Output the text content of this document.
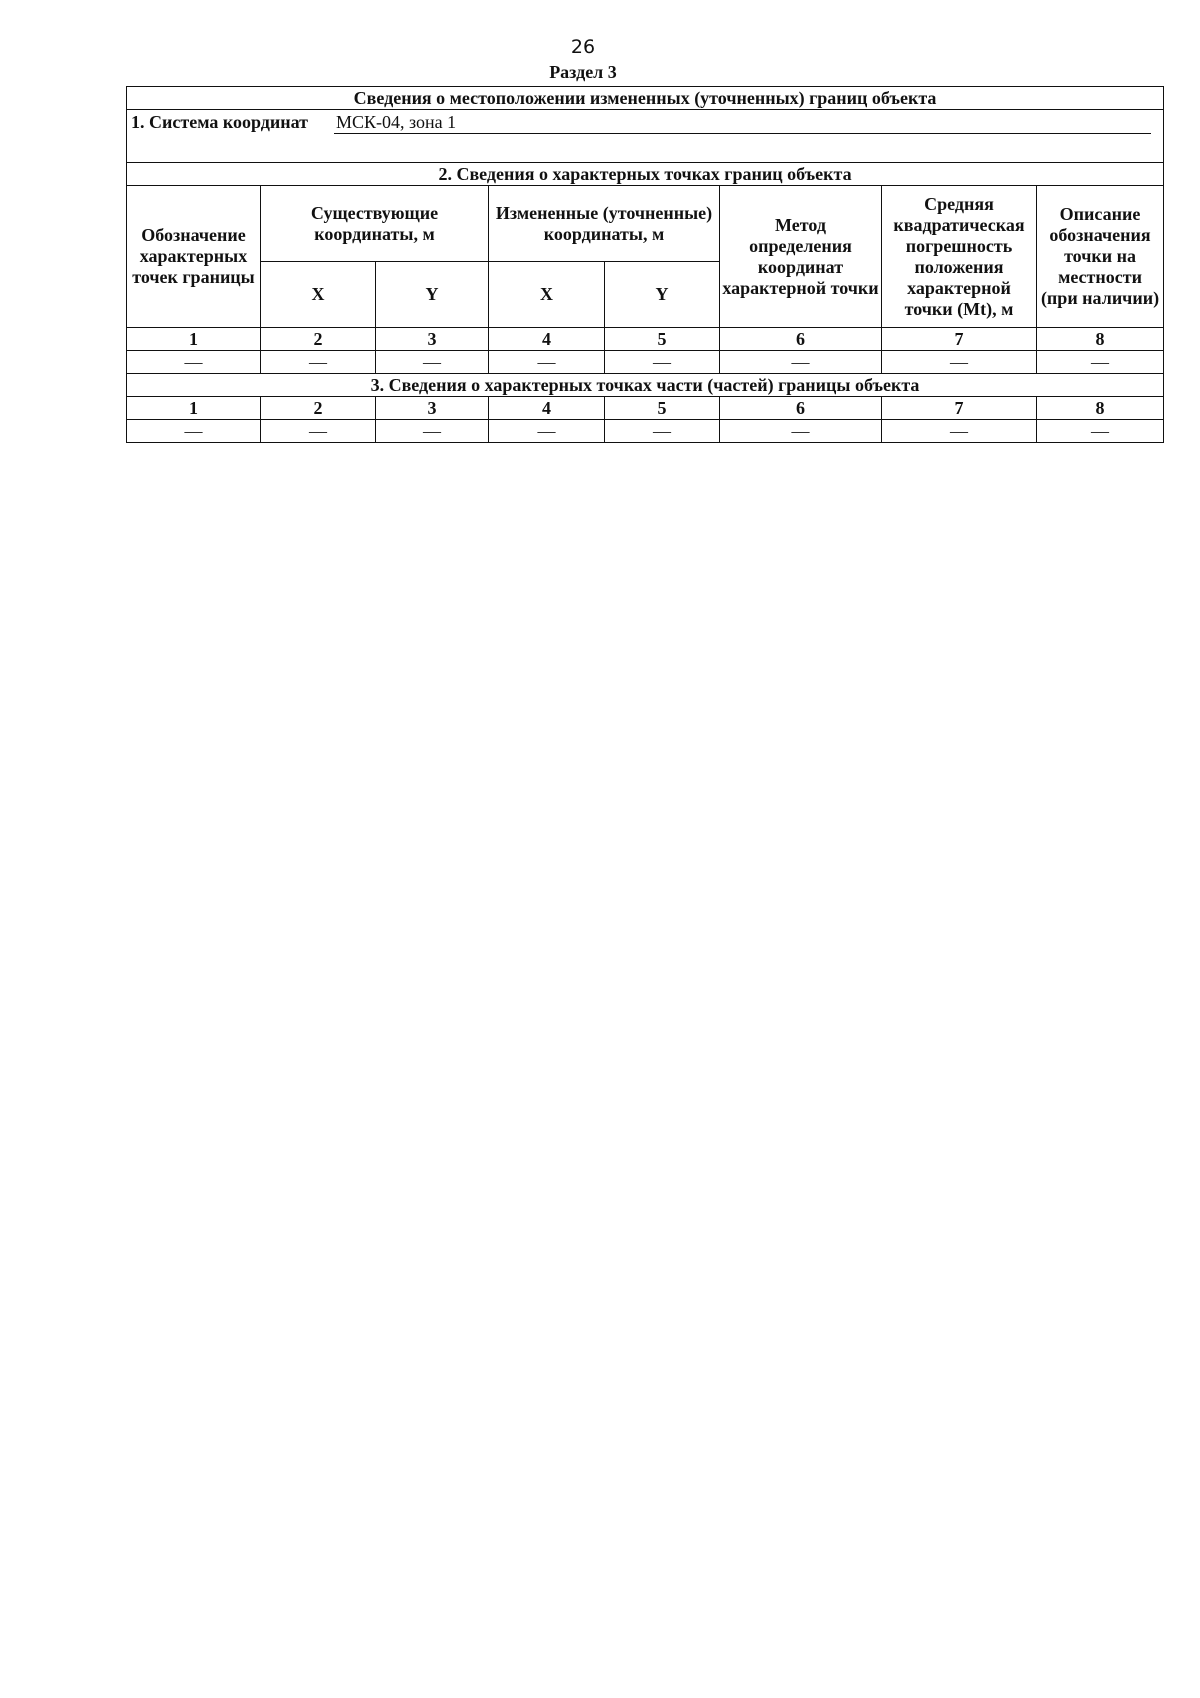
26
Раздел 3
Сведения о местоположении измененных (уточненных) границ объекта							

1. Система координат МСК-04, зона 1							

2. Сведения о характерных точках границ объекта							
Обозначение характерных точек границы	Существующие координаты, м		Измененные (уточненные) координаты, м		Метод определения координат характерной точки	Средняя квадратическая погрешность положения характерной точки (Mt), м	Описание обозначения точки на местности (при наличии)
	X	Y	X	Y			
1	2	3	4	5	6	7	8
—	—	—	—	—	—	—	—
3. Сведения о характерных точках части (частей) границы объекта							
1	2	3	4	5	6	7	8
—	—	—	—	—	—	—	—
